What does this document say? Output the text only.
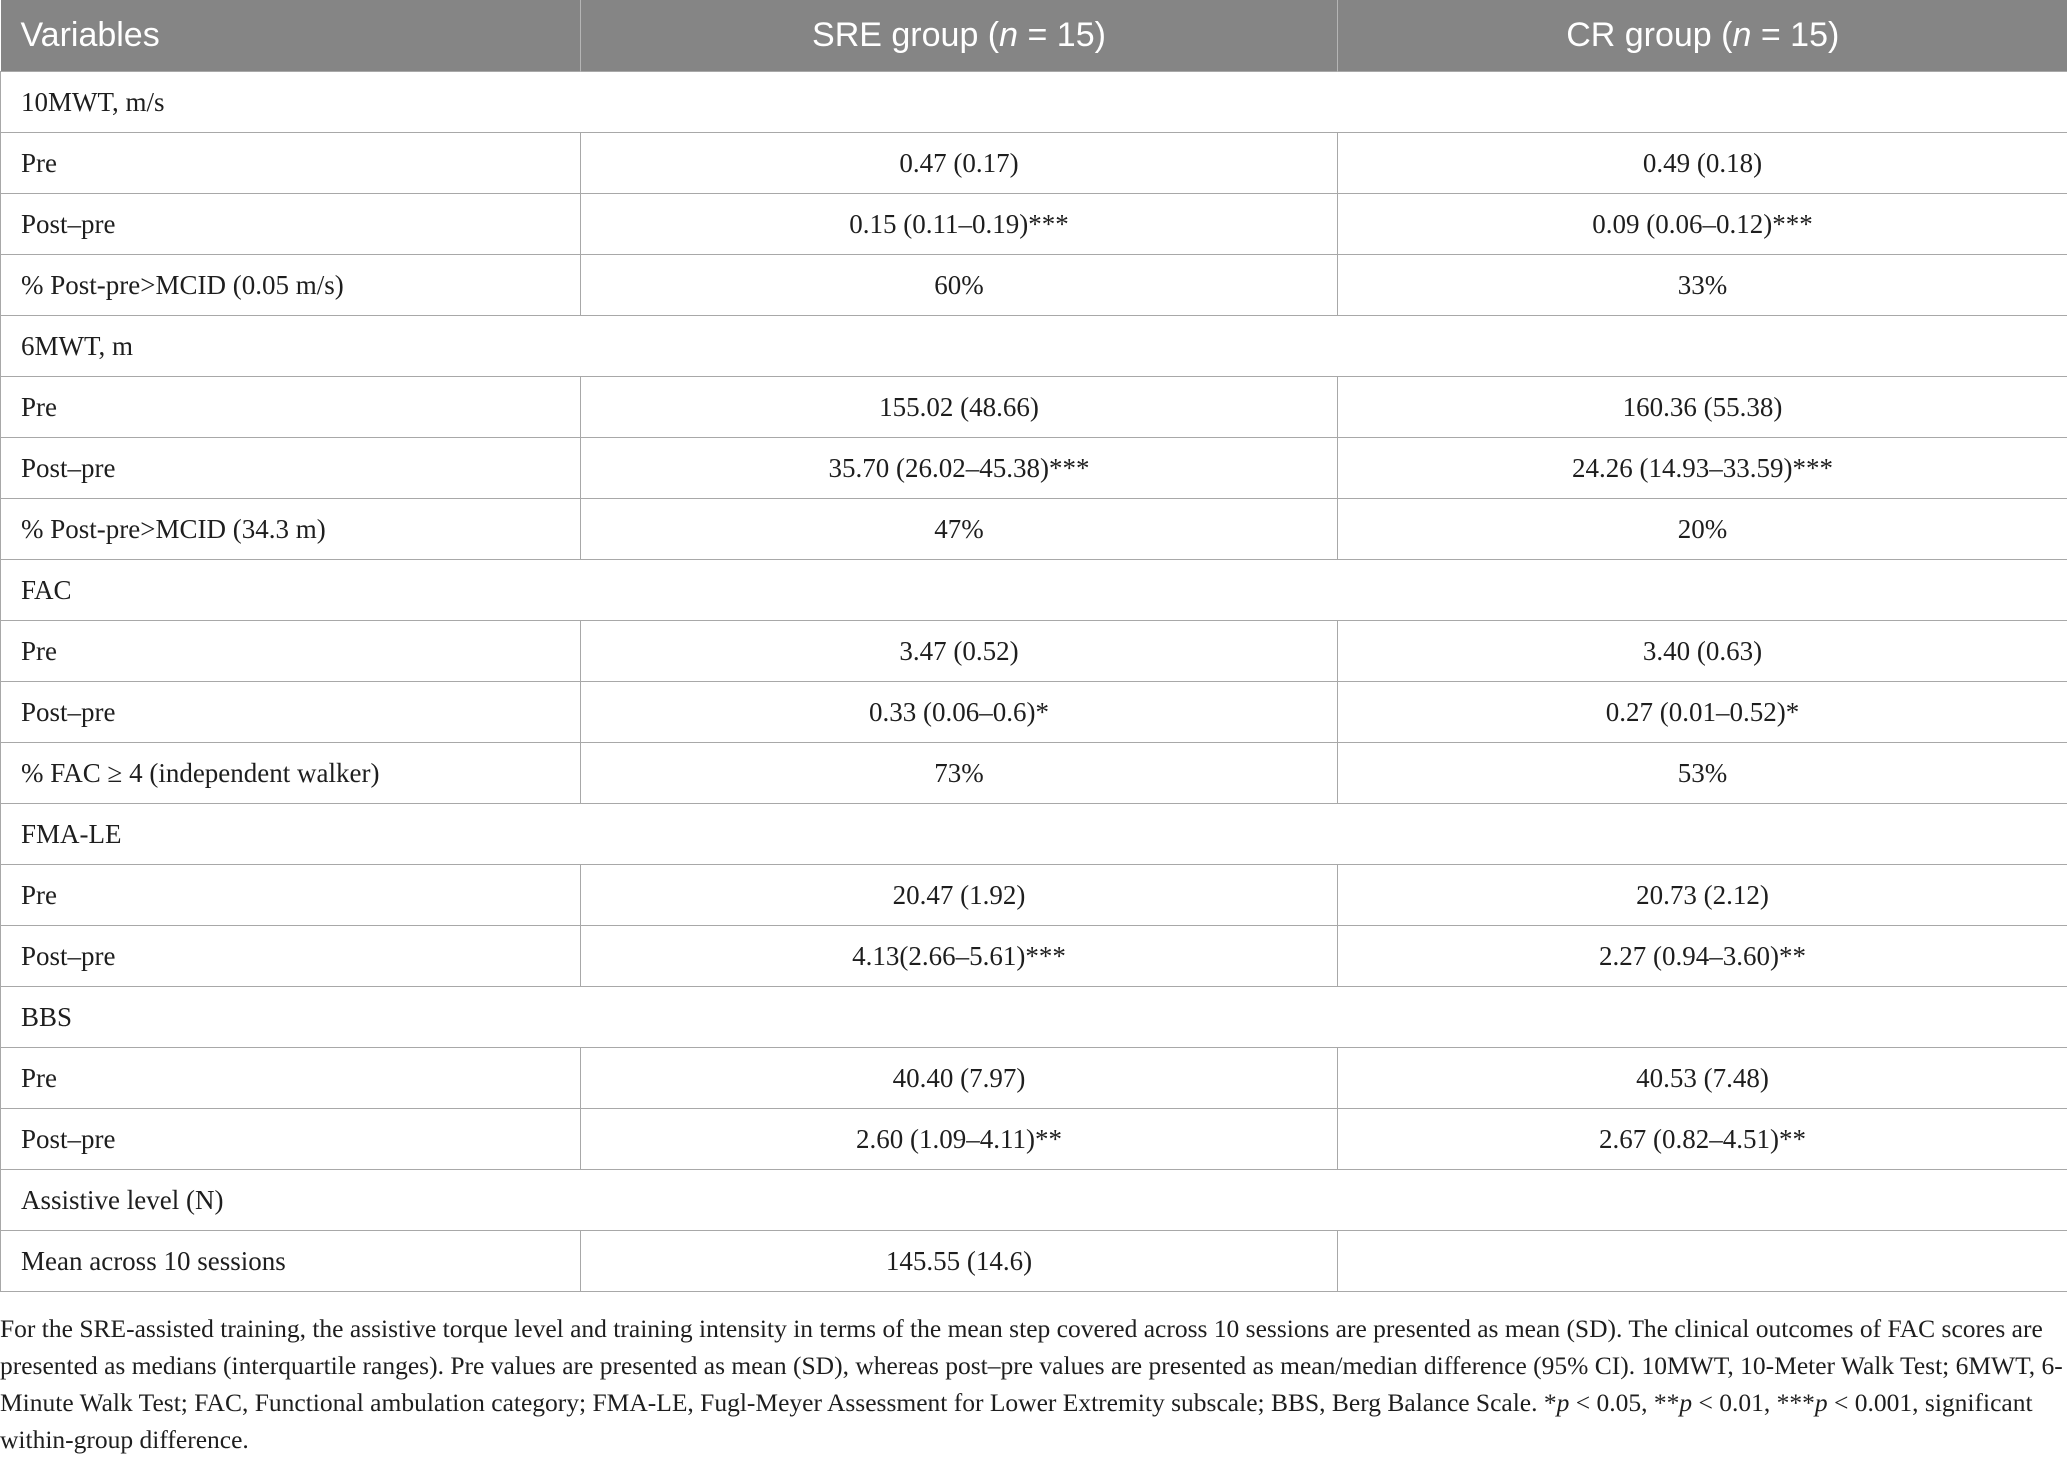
Variables	SRE group (n = 15)	CR group (n = 15)
10MWT, m/s		
Pre	0.47 (0.17)	0.49 (0.18)
Post–pre	0.15 (0.11–0.19)***	0.09 (0.06–0.12)***
% Post-pre>MCID (0.05 m/s)	60%	33%
6MWT, m		
Pre	155.02 (48.66)	160.36 (55.38)
Post–pre	35.70 (26.02–45.38)***	24.26 (14.93–33.59)***
% Post-pre>MCID (34.3 m)	47%	20%
FAC		
Pre	3.47 (0.52)	3.40 (0.63)
Post–pre	0.33 (0.06–0.6)*	0.27 (0.01–0.52)*
% FAC ≥ 4 (independent walker)	73%	53%
FMA-LE		
Pre	20.47 (1.92)	20.73 (2.12)
Post–pre	4.13(2.66–5.61)***	2.27 (0.94–3.60)**
BBS		
Pre	40.40 (7.97)	40.53 (7.48)
Post–pre	2.60 (1.09–4.11)**	2.67 (0.82–4.51)**
Assistive level (N)		
Mean across 10 sessions	145.55 (14.6)	

For the SRE-assisted training, the assistive torque level and training intensity in terms of the mean step covered across 10 sessions are presented as mean (SD). The clinical outcomes of FAC scores are presented as medians (interquartile ranges). Pre values are presented as mean (SD), whereas post–pre values are presented as mean/median difference (95% CI). 10MWT, 10-Meter Walk Test; 6MWT, 6-Minute Walk Test; FAC, Functional ambulation category; FMA-LE, Fugl-Meyer Assessment for Lower Extremity subscale; BBS, Berg Balance Scale. *p < 0.05, **p < 0.01, ***p < 0.001, significant within-group difference.
